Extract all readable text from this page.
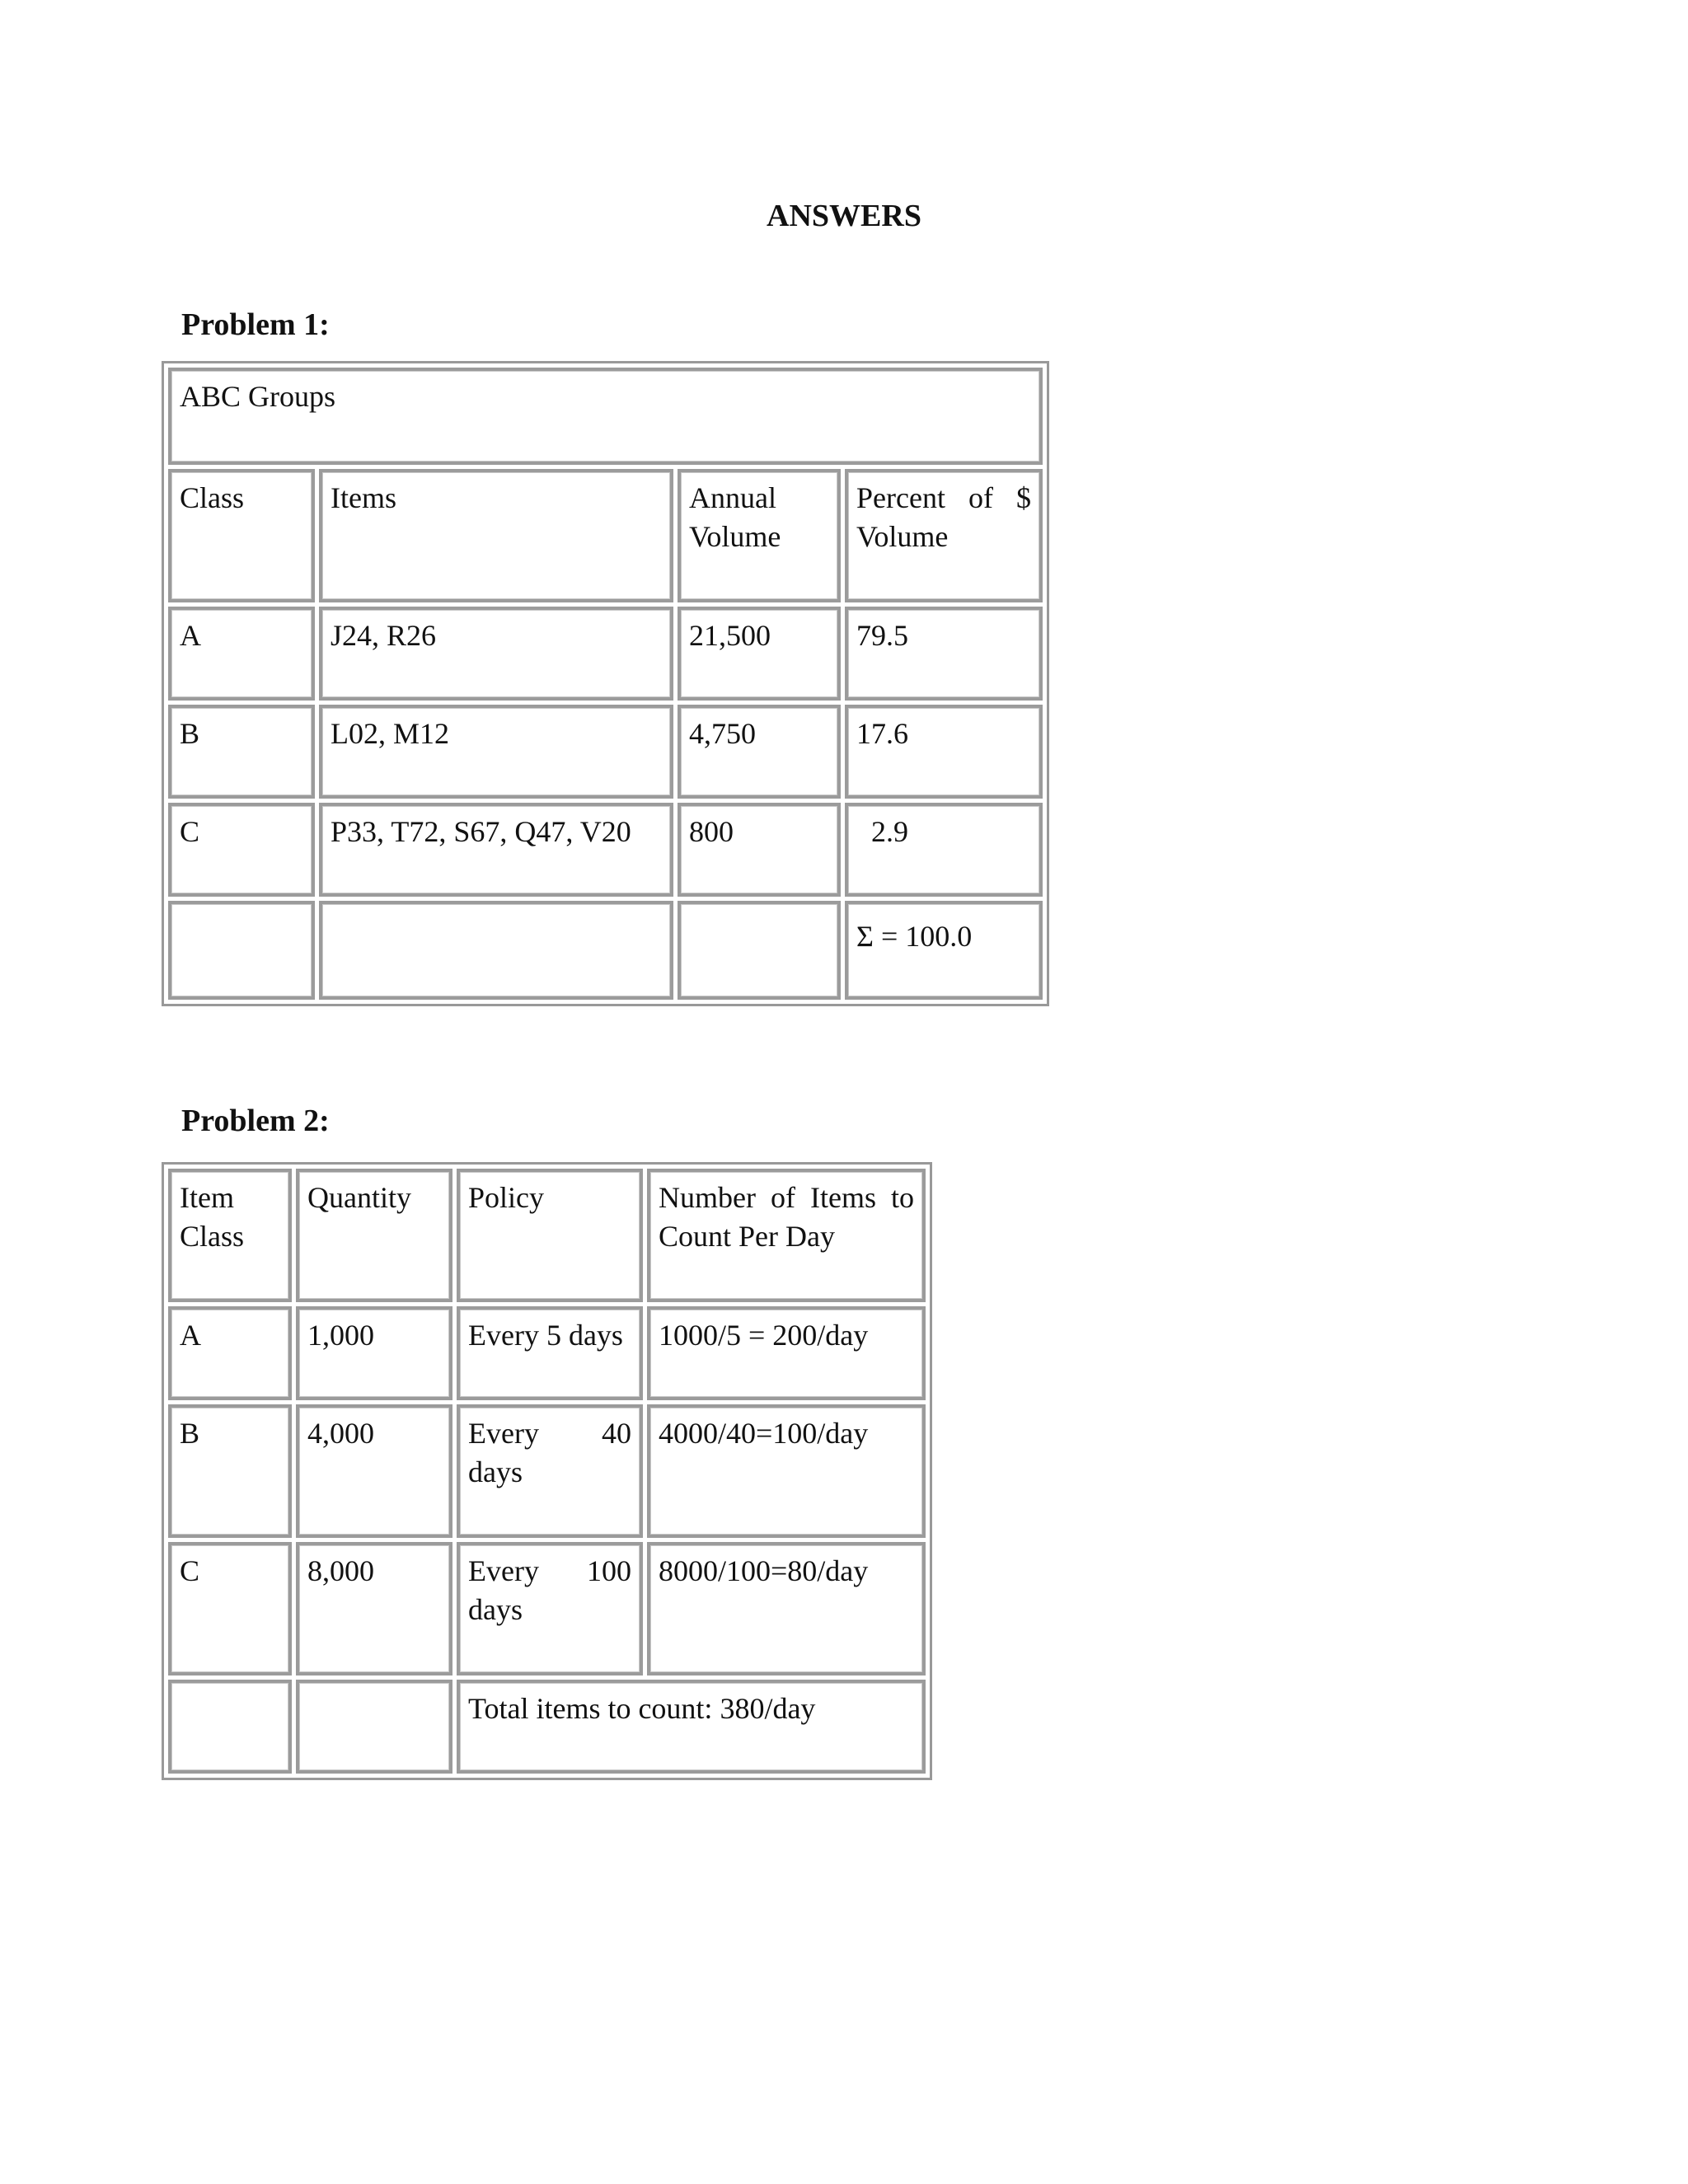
ANSWERS
Problem 1:
ABC Groups			
Class	Items	Annual Volume	Percent of $ Volume
A	J24, R26	21,500	79.5
B	L02, M12	4,750	17.6
C	P33, T72, S67, Q47, V20	800	2.9
			Σ = 100.0
Problem 2:
Item Class	Quantity	Policy	Number of Items to Count Per Day
A	1,000	Every 5 days	1000/5 = 200/day
B	4,000	Every 40 days	4000/40=100/day
C	8,000	Every 100 days	8000/100=80/day
		Total items to count: 380/day	
